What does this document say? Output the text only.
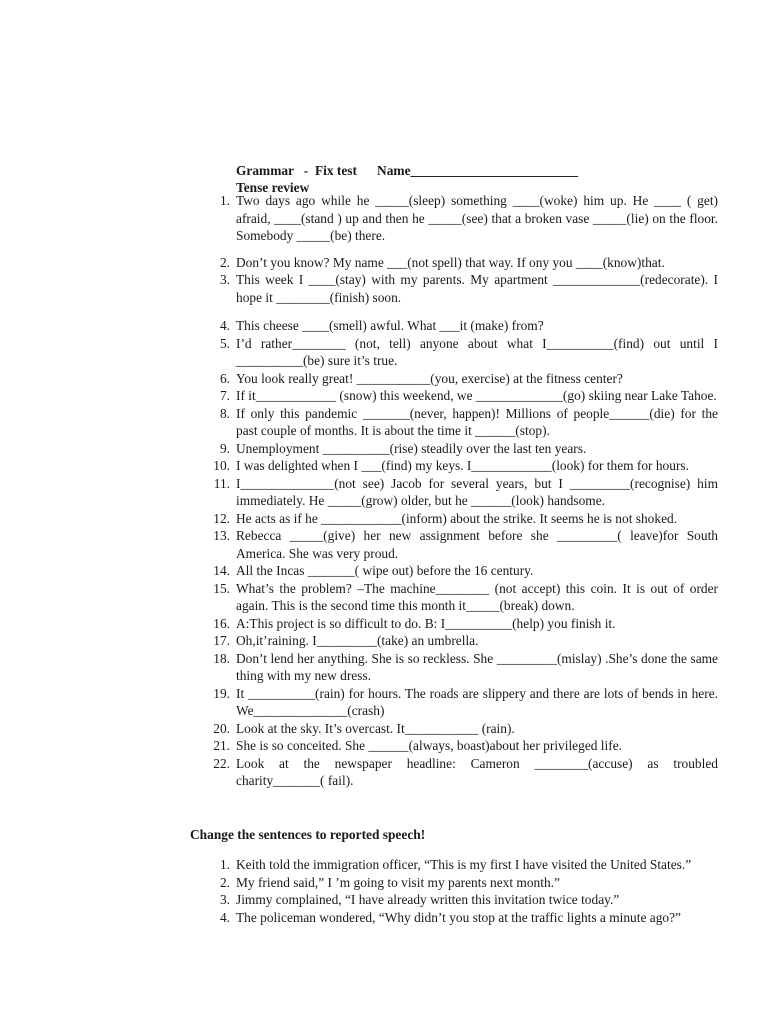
Grammar   -  Fix test      Name_________________________
Tense review
1. Two days ago while he _____(sleep) something ____(woke) him up. He ____ ( get) afraid, ____(stand ) up and then he _____(see) that a broken vase _____(lie) on the floor. Somebody _____(be) there.
2. Don’t you know? My name ___(not spell) that way. If ony you ____(know)that.
3. This week I ____(stay) with my parents. My apartment _____________(redecorate). I hope it ________(finish) soon.
4. This cheese ____(smell) awful. What ___it (make) from?
5. I’d rather________ (not, tell) anyone about what I__________(find) out until I __________(be) sure it’s true.
6. You look really great! ___________(you, exercise) at the fitness center?
7. If it____________ (snow) this weekend, we _____________(go) skiing near Lake Tahoe.
8. If only this pandemic _______(never, happen)! Millions of people______(die) for the past couple of months. It is about the time it ______(stop).
9. Unemployment __________(rise) steadily over the last ten years.
10. I was delighted when I ___(find) my keys. I____________(look) for them for hours.
11. I______________(not see) Jacob for several years, but I _________(recognise) him immediately. He _____(grow) older, but he ______(look) handsome.
12. He acts as if he ____________(inform) about the strike. It seems he is not shoked.
13. Rebecca _____(give) her new assignment before she _________( leave)for South America. She was very proud.
14. All the Incas _______( wipe out) before the 16 century.
15. What’s the problem? –The machine________ (not accept) this coin. It is out of order again. This is the second time this month it_____(break) down.
16. A:This project is so difficult to do. B: I__________(help) you finish it.
17. Oh,it’raining. I_________(take) an umbrella.
18. Don’t lend her anything. She is so reckless. She _________(mislay) .She’s done the same thing with my new dress.
19. It __________(rain) for hours. The roads are slippery and there are lots of bends in here. We______________(crash)
20. Look at the sky. It’s overcast. It___________ (rain).
21. She is so conceited. She ______(always, boast)about her privileged life.
22. Look at the newspaper headline: Cameron ________(accuse) as troubled charity_______( fail).
Change the sentences to reported speech!
1. Keith told the immigration officer, “This is my first I have visited the United States.”
2. My friend said,” I ’m going to visit my parents next month.”
3. Jimmy complained, “I have already written this invitation twice today.”
4. The policeman wondered, “Why didn’t you stop at the traffic lights a minute ago?”
